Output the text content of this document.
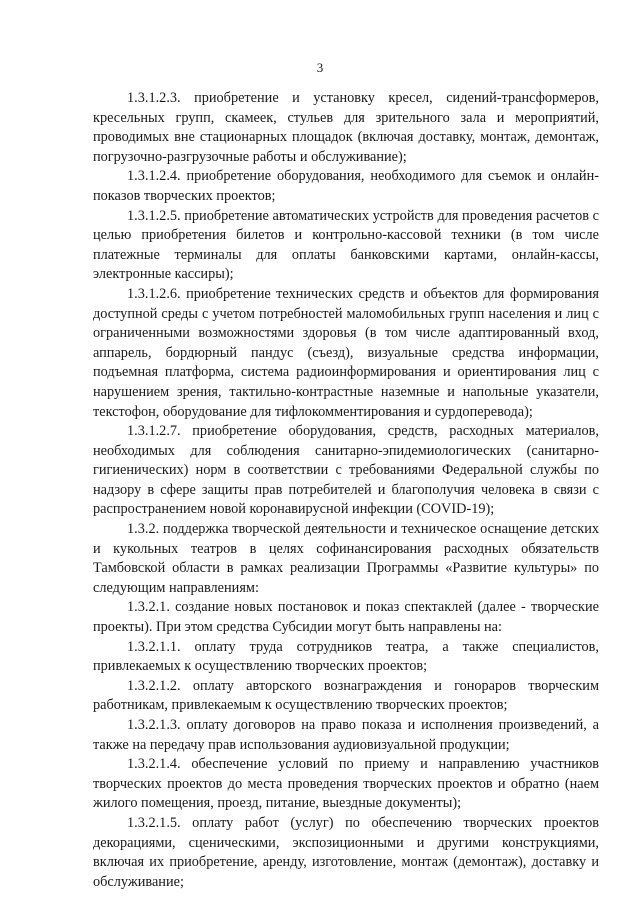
3

1.3.1.2.3. приобретение и установку кресел, сидений-трансформеров, кресельных групп, скамеек, стульев для зрительного зала и мероприятий, проводимых вне стационарных площадок (включая доставку, монтаж, демонтаж, погрузочно-разгрузочные работы и обслуживание);

1.3.1.2.4. приобретение оборудования, необходимого для съемок и онлайн-показов творческих проектов;

1.3.1.2.5. приобретение автоматических устройств для проведения расчетов с целью приобретения билетов и контрольно-кассовой техники (в том числе платежные терминалы для оплаты банковскими картами, онлайн-кассы, электронные кассиры);

1.3.1.2.6. приобретение технических средств и объектов для формирования доступной среды с учетом потребностей маломобильных групп населения и лиц с ограниченными возможностями здоровья (в том числе адаптированный вход, аппарель, бордюрный пандус (съезд), визуальные средства информации, подъемная платформа, система радиоинформирования и ориентирования лиц с нарушением зрения, тактильно-контрастные наземные и напольные указатели, текстофон, оборудование для тифлокомментирования и сурдоперевода);

1.3.1.2.7. приобретение оборудования, средств, расходных материалов, необходимых для соблюдения санитарно-эпидемиологических (санитарно-гигиенических) норм в соответствии с требованиями Федеральной службы по надзору в сфере защиты прав потребителей и благополучия человека в связи с распространением новой коронавирусной инфекции (COVID-19);

1.3.2. поддержка творческой деятельности и техническое оснащение детских и кукольных театров в целях софинансирования расходных обязательств Тамбовской области в рамках реализации Программы «Развитие культуры» по следующим направлениям:

1.3.2.1. создание новых постановок и показ спектаклей (далее - творческие проекты). При этом средства Субсидии могут быть направлены на:

1.3.2.1.1. оплату труда сотрудников театра, а также специалистов, привлекаемых к осуществлению творческих проектов;

1.3.2.1.2. оплату авторского вознаграждения и гонораров творческим работникам, привлекаемым к осуществлению творческих проектов;

1.3.2.1.3. оплату договоров на право показа и исполнения произведений, а также на передачу прав использования аудиовизуальной продукции;

1.3.2.1.4. обеспечение условий по приему и направлению участников творческих проектов до места проведения творческих проектов и обратно (наем жилого помещения, проезд, питание, выездные документы);

1.3.2.1.5. оплату работ (услуг) по обеспечению творческих проектов декорациями, сценическими, экспозиционными и другими конструкциями, включая их приобретение, аренду, изготовление, монтаж (демонтаж), доставку и обслуживание;
